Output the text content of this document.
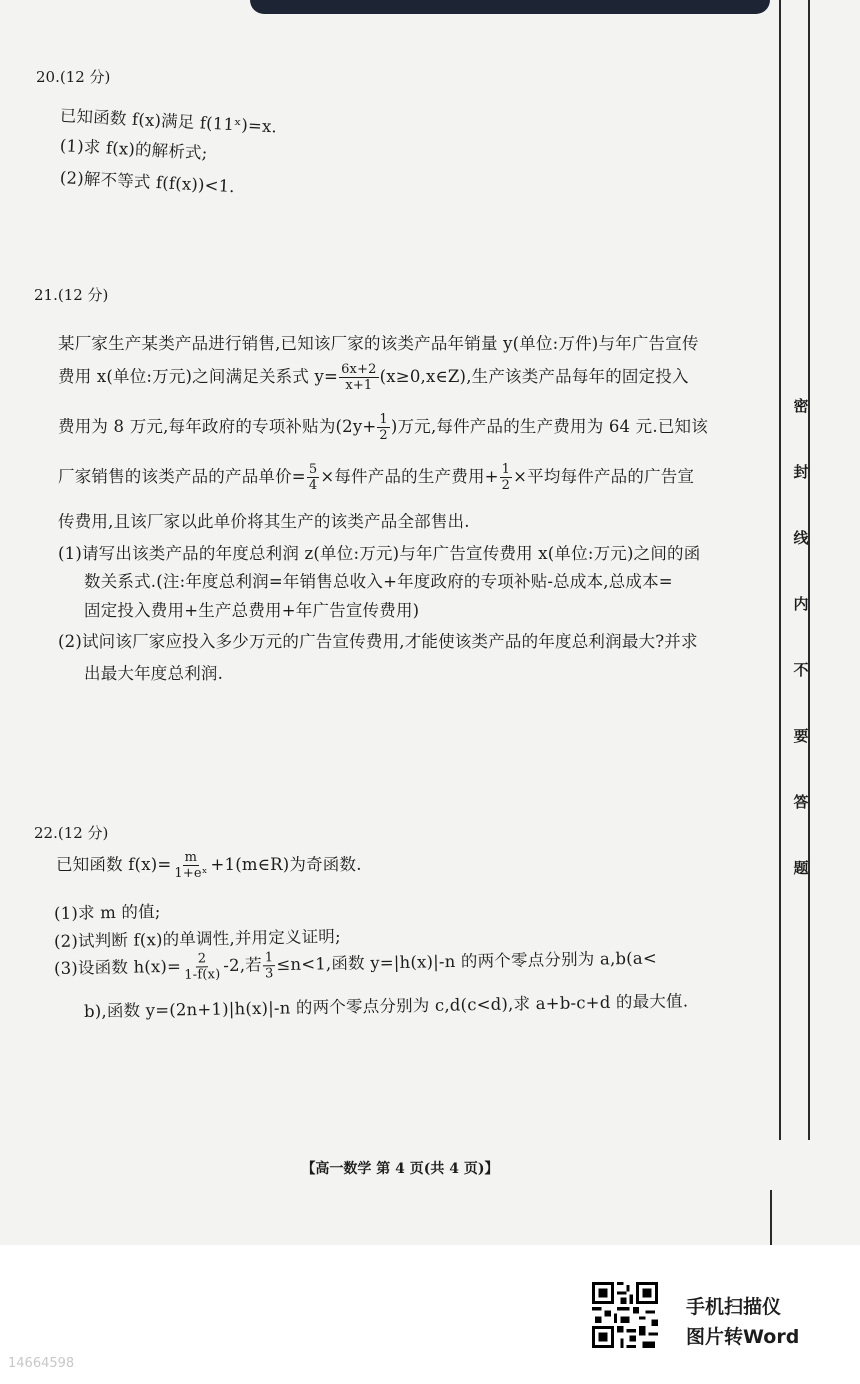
密
封
线
内
不
要
答
题
20.(12 分)
已知函数 f(x)满足 f(11ˣ)=x.
(1)求 f(x)的解析式;
(2)解不等式 f(f(x))<1.
21.(12 分)
某厂家生产某类产品进行销售,已知该厂家的该类产品年销量 y(单位:万件)与年广告宣传
费用 x(单位:万元)之间满足关系式 $y= \frac{6x+2}{x+1}$ (x≥0,x∈Z),生产该类产品每年的固定投入
费用为 8 万元,每年政府的专项补贴为($2y+ \frac{1}{2}$ )万元,每件产品的生产费用为 64 元.已知该
厂家销售的该类产品的产品单价= $\frac{5}{4}$ ×每件产品的生产费用+ $\frac{1}{2}$ ×平均每件产品的广告宣
传费用,且该厂家以此单价将其生产的该类产品全部售出.
(1)请写出该类产品的年度总利润 z(单位:万元)与年广告宣传费用 x(单位:万元)之间的函
数关系式.(注:年度总利润=年销售总收入+年度政府的专项补贴-总成本,总成本=
固定投入费用+生产总费用+年广告宣传费用)
(2)试问该厂家应投入多少万元的广告宣传费用,才能使该类产品的年度总利润最大?并求
出最大年度总利润.
22.(12 分)
已知函数 $f(x)= \frac{m}{\text{1+eˣ}}$ +1(m∈R)为奇函数.
(1)求 m 的值;
(2)试判断 f(x)的单调性,并用定义证明;
(3)设函数 $h(x)= \frac{2}{1-f(x)} -2$,若 $\frac{1}{3} \le n<1$,函数 y=|h(x)|-n 的两个零点分别为 a,b(a<
b),函数 y=(2n+1)|h(x)|-n 的两个零点分别为 c,d(c<d),求 a+b-c+d 的最大值.
【高一数学 第 4 页(共 4 页)】
手机扫描仪
图片转Word
14664598
